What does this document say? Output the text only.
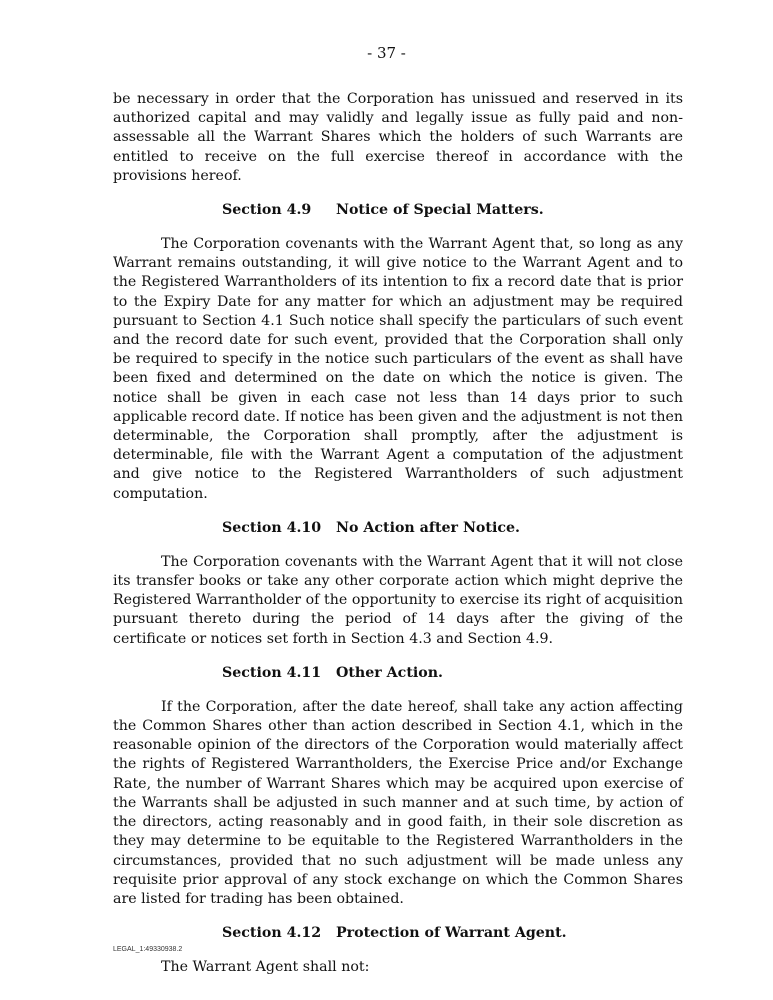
- 37 -

be necessary in order that the Corporation has unissued and reserved in its authorized capital and may validly and legally issue as fully paid and non-assessable all the Warrant Shares which the holders of such Warrants are entitled to receive on the full exercise thereof in accordance with the provisions hereof.

Section 4.9 Notice of Special Matters.

The Corporation covenants with the Warrant Agent that, so long as any Warrant remains outstanding, it will give notice to the Warrant Agent and to the Registered Warrantholders of its intention to fix a record date that is prior to the Expiry Date for any matter for which an adjustment may be required pursuant to Section 4.1 Such notice shall specify the particulars of such event and the record date for such event, provided that the Corporation shall only be required to specify in the notice such particulars of the event as shall have been fixed and determined on the date on which the notice is given. The notice shall be given in each case not less than 14 days prior to such applicable record date. If notice has been given and the adjustment is not then determinable, the Corporation shall promptly, after the adjustment is determinable, file with the Warrant Agent a computation of the adjustment and give notice to the Registered Warrantholders of such adjustment computation.

Section 4.10 No Action after Notice.

The Corporation covenants with the Warrant Agent that it will not close its transfer books or take any other corporate action which might deprive the Registered Warrantholder of the opportunity to exercise its right of acquisition pursuant thereto during the period of 14 days after the giving of the certificate or notices set forth in Section 4.3 and Section 4.9.

Section 4.11 Other Action.

If the Corporation, after the date hereof, shall take any action affecting the Common Shares other than action described in Section 4.1, which in the reasonable opinion of the directors of the Corporation would materially affect the rights of Registered Warrantholders, the Exercise Price and/or Exchange Rate, the number of Warrant Shares which may be acquired upon exercise of the Warrants shall be adjusted in such manner and at such time, by action of the directors, acting reasonably and in good faith, in their sole discretion as they may determine to be equitable to the Registered Warrantholders in the circumstances, provided that no such adjustment will be made unless any requisite prior approval of any stock exchange on which the Common Shares are listed for trading has been obtained.

Section 4.12 Protection of Warrant Agent.

The Warrant Agent shall not:

LEGAL_1:49330938.2
